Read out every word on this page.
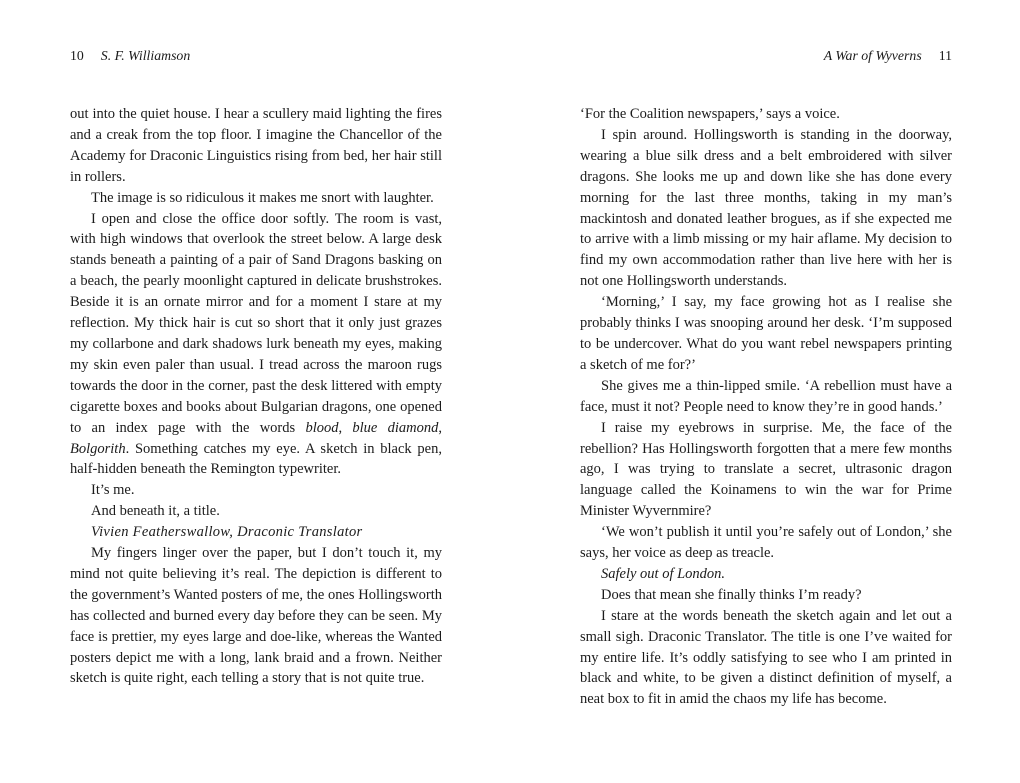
10 S. F. Williamson	A War of Wyverns 11

out into the quiet house. I hear a scullery maid lighting the fires and a creak from the top floor. I imagine the Chancellor of the Academy for Draconic Linguistics rising from bed, her hair still in rollers.

The image is so ridiculous it makes me snort with laughter.

I open and close the office door softly. The room is vast, with high windows that overlook the street below. A large desk stands beneath a painting of a pair of Sand Dragons basking on a beach, the pearly moonlight captured in delicate brushstrokes. Beside it is an ornate mirror and for a moment I stare at my reflection. My thick hair is cut so short that it only just grazes my collarbone and dark shadows lurk beneath my eyes, making my skin even paler than usual. I tread across the maroon rugs towards the door in the corner, past the desk littered with empty cigarette boxes and books about Bulgarian dragons, one opened to an index page with the words blood, blue diamond, Bolgorith. Something catches my eye. A sketch in black pen, half-hidden beneath the Remington typewriter.

It’s me.

And beneath it, a title.

Vivien Featherswallow, Draconic Translator

My fingers linger over the paper, but I don’t touch it, my mind not quite believing it’s real. The depiction is different to the government’s Wanted posters of me, the ones Hollingsworth has collected and burned every day before they can be seen. My face is prettier, my eyes large and doe-like, whereas the Wanted posters depict me with a long, lank braid and a frown. Neither sketch is quite right, each telling a story that is not quite true.

‘For the Coalition newspapers,’ says a voice.

I spin around. Hollingsworth is standing in the doorway, wearing a blue silk dress and a belt embroidered with silver dragons. She looks me up and down like she has done every morning for the last three months, taking in my man’s mackintosh and donated leather brogues, as if she expected me to arrive with a limb missing or my hair aflame. My decision to find my own accommodation rather than live here with her is not one Hollingsworth understands.

‘Morning,’ I say, my face growing hot as I realise she probably thinks I was snooping around her desk. ‘I’m supposed to be undercover. What do you want rebel newspapers printing a sketch of me for?’

She gives me a thin-lipped smile. ‘A rebellion must have a face, must it not? People need to know they’re in good hands.’

I raise my eyebrows in surprise. Me, the face of the rebellion? Has Hollingsworth forgotten that a mere few months ago, I was trying to translate a secret, ultrasonic dragon language called the Koinamens to win the war for Prime Minister Wyvernmire?

‘We won’t publish it until you’re safely out of London,’ she says, her voice as deep as treacle.

Safely out of London.

Does that mean she finally thinks I’m ready?

I stare at the words beneath the sketch again and let out a small sigh. Draconic Translator. The title is one I’ve waited for my entire life. It’s oddly satisfying to see who I am printed in black and white, to be given a distinct definition of myself, a neat box to fit in amid the chaos my life has become.
